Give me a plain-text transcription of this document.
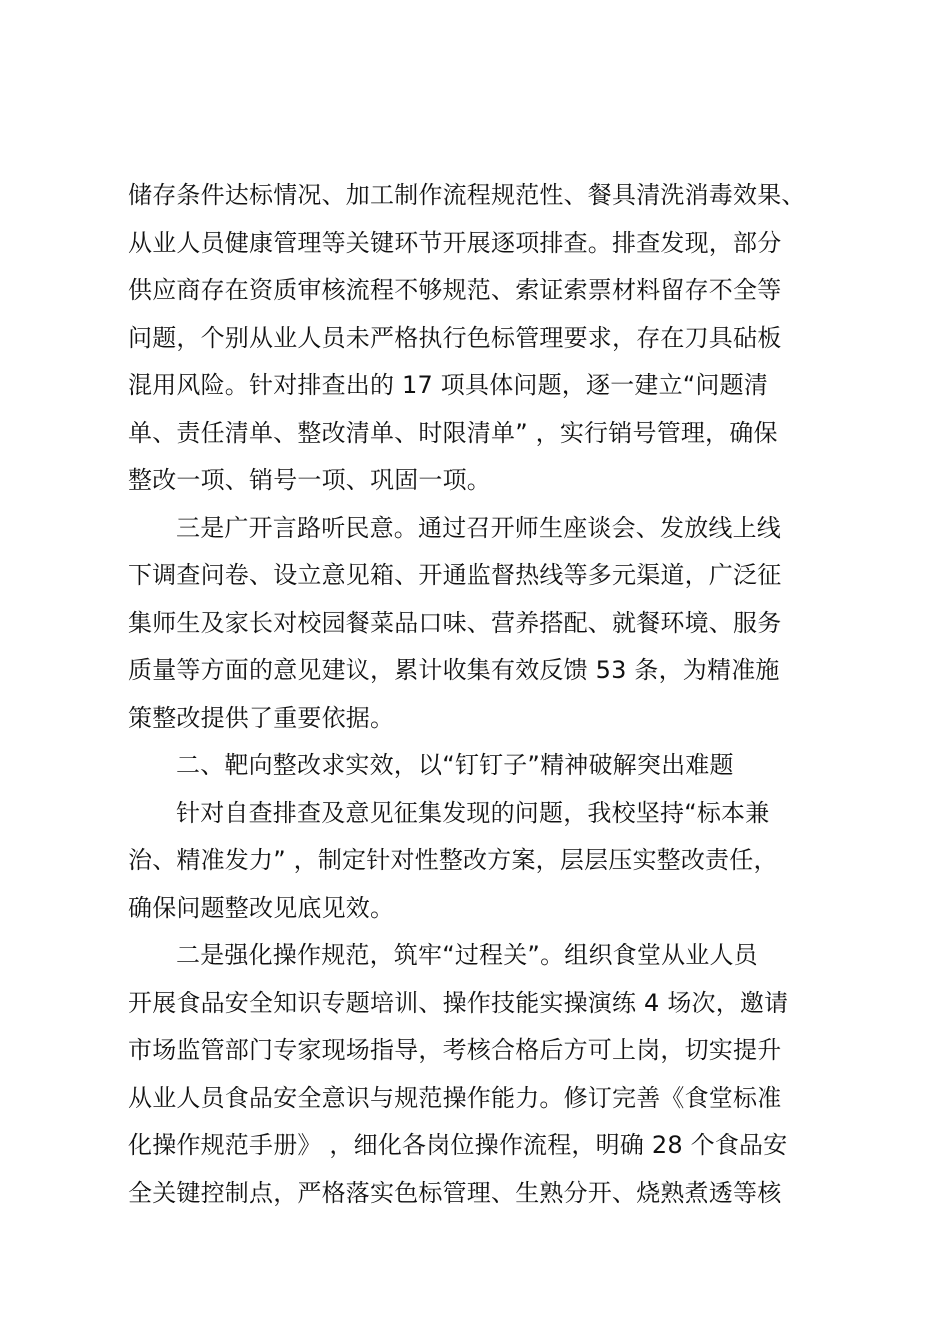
储存条件达标情况、加工制作流程规范性、餐具清洗消毒效果、
从业人员健康管理等关键环节开展逐项排查。排查发现，部分
供应商存在资质审核流程不够规范、索证索票材料留存不全等
问题，个别从业人员未严格执行色标管理要求，存在刀具砧板
混用风险。针对排查出的 17 项具体问题，逐一建立“问题清
单、责任清单、整改清单、时限清单” ，实行销号管理，确保
整改一项、销号一项、巩固一项。
三是广开言路听民意。通过召开师生座谈会、发放线上线
下调查问卷、设立意见箱、开通监督热线等多元渠道，广泛征
集师生及家长对校园餐菜品口味、营养搭配、就餐环境、服务
质量等方面的意见建议，累计收集有效反馈 53 条，为精准施
策整改提供了重要依据。
二、靶向整改求实效，以“钉钉子”精神破解突出难题
针对自查排查及意见征集发现的问题，我校坚持“标本兼
治、精准发力” ，制定针对性整改方案，层层压实整改责任，
确保问题整改见底见效。
二是强化操作规范，筑牢“过程关”。组织食堂从业人员
开展食品安全知识专题培训、操作技能实操演练 4 场次，邀请
市场监管部门专家现场指导，考核合格后方可上岗，切实提升
从业人员食品安全意识与规范操作能力。修订完善《食堂标准
化操作规范手册》 ，细化各岗位操作流程，明确 28 个食品安
全关键控制点，严格落实色标管理、生熟分开、烧熟煮透等核
